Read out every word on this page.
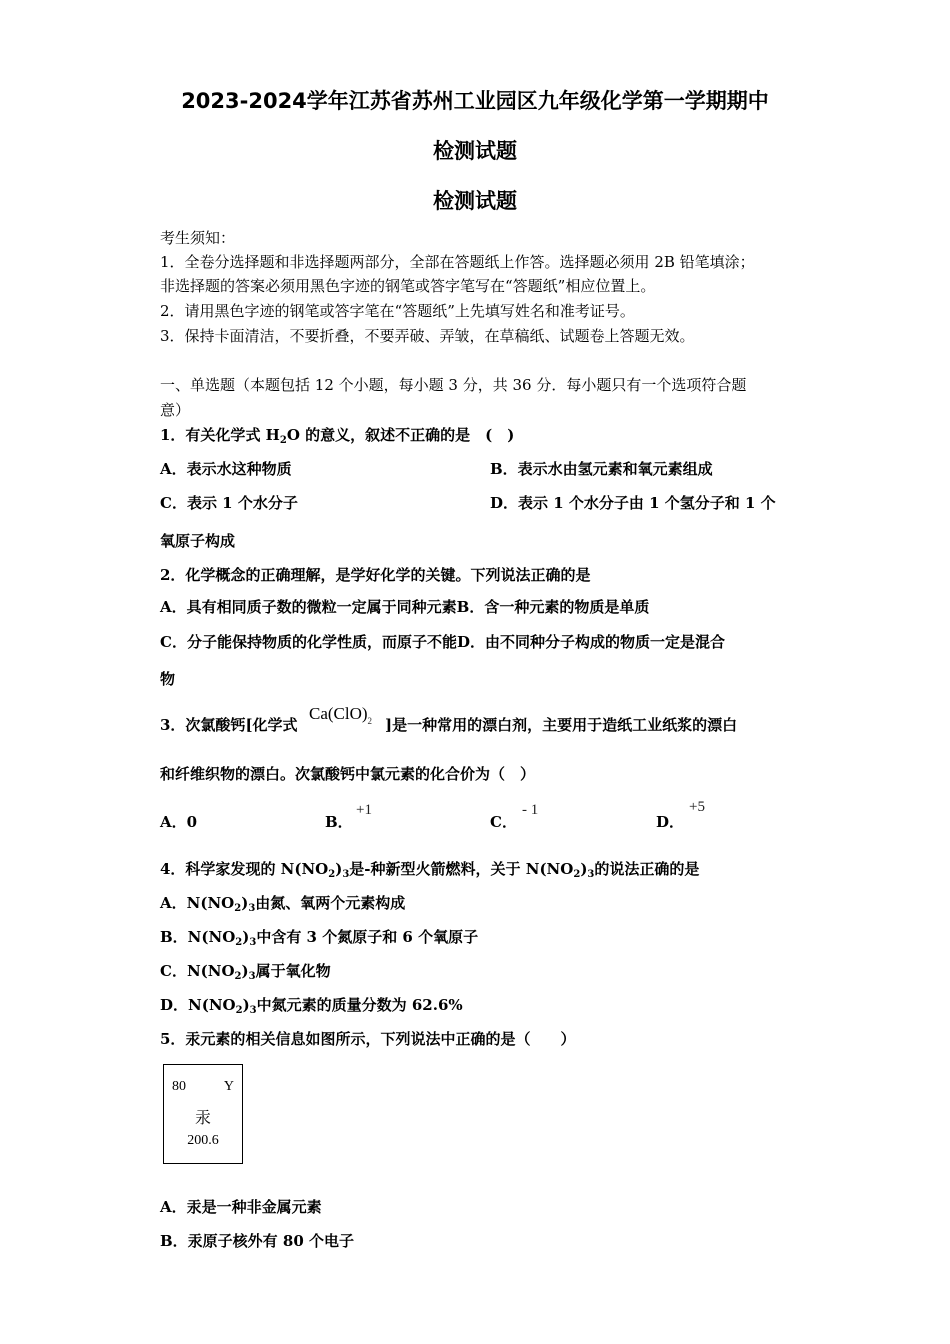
2023-2024学年江苏省苏州工业园区九年级化学第一学期期中
检测试题
检测试题
考生须知：
1．全卷分选择题和非选择题两部分，全部在答题纸上作答。选择题必须用 2B 铅笔填涂；
非选择题的答案必须用黑色字迹的钢笔或答字笔写在“答题纸”相应位置上。
2．请用黑色字迹的钢笔或答字笔在“答题纸”上先填写姓名和准考证号。
3．保持卡面清洁，不要折叠，不要弄破、弄皱，在草稿纸、试题卷上答题无效。
一、单选题（本题包括 12 个小题，每小题 3 分，共 36 分．每小题只有一个选项符合题
意）
1．有关化学式 $H_2O$ 的意义，叙述不正确的是　(　)
A．表示水这种物质	B．表示水由氢元素和氧元素组成
C．表示 1 个水分子	D．表示 1 个水分子由 1 个氢分子和 1 个
氧原子构成
2．化学概念的正确理解，是学好化学的关键。下列说法正确的是
A．具有相同质子数的微粒一定属于同种元素B．含一种元素的物质是单质
C．分子能保持物质的化学性质，而原子不能D．由不同种分子构成的物质一定是混合
物
3．次氯酸钙[化学式
$Ca(ClO)_2$ ]是一种常用的漂白剂，主要用于造纸工业纸浆的漂白
和纤维织物的漂白。次氯酸钙中氯元素的化合价为（　）
A．0	B．
+1
C．
- 1
D．
+5
4．科学家发现的 $N(NO_2)_3$是-种新型火箭燃料，关于 $N(NO_2)_3$的说法正确的是
A．$N(NO_2)_3$由氮、氧两个元素构成
B．$N(NO_2)_3$中含有 3 个氮原子和 6 个氧原子
C．$N(NO_2)_3$属于氧化物
D．$N(NO_2)_3$中氮元素的质量分数为 62.6%
5．汞元素的相关信息如图所示，下列说法中正确的是（　　）
80	Y
汞
200.6
A．汞是一种非金属元素
B．汞原子核外有 80 个电子
